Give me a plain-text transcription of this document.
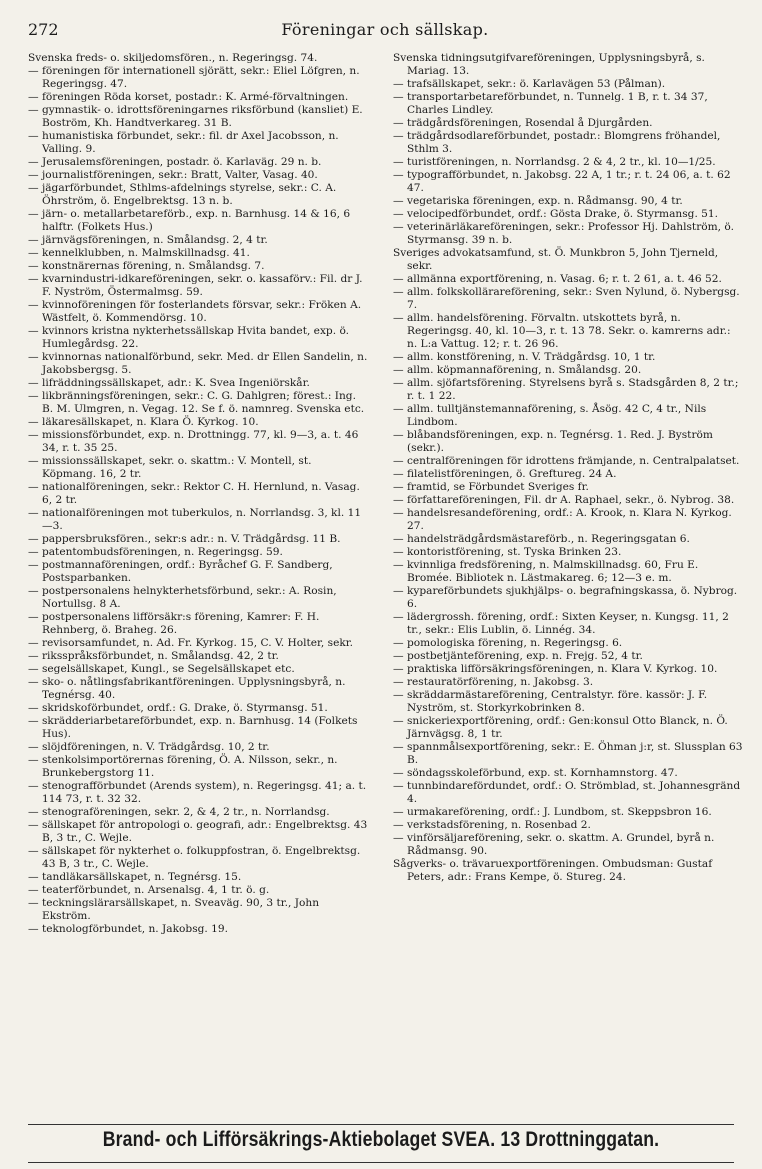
272	Föreningar och sällskap.

Svenska freds- o. skiljedomsfören., n. Regeringsg. 74.

— föreningen för internationell sjörätt, sekr.: Eliel Löfgren, n. Regeringsg. 47.

— föreningen Röda korset, postadr.: K. Armé-förvaltningen.

— gymnastik- o. idrottsföreningarnes riksförbund (kansliet) E. Boström, Kh. Handtverkareg. 31 B.

— humanistiska förbundet, sekr.: fil. dr Axel Jacobsson, n. Valling. 9.

— Jerusalemsföreningen, postadr. ö. Karlaväg. 29 n. b.

— journalistföreningen, sekr.: Bratt, Valter, Vasag. 40.

— jägarförbundet, Sthlms-afdelnings styrelse, sekr.: C. A. Öhrström, ö. Engelbrektsg. 13 n. b.

— järn- o. metallarbetareförb., exp. n. Barnhusg. 14 & 16, 6 halftr. (Folkets Hus.)

— järnvägsföreningen, n. Smålandsg. 2, 4 tr.

— kennelklubben, n. Malmskillnadsg. 41.

— konstnärernas förening, n. Smålandsg. 7.

— kvarnindustri-idkareföreningen, sekr. o. kassaförv.: Fil. dr J. F. Nyström, Östermalmsg. 59.

— kvinnoföreningen för fosterlandets försvar, sekr.: Fröken A. Wästfelt, ö. Kommendörsg. 10.

— kvinnors kristna nykterhetssällskap Hvita bandet, exp. ö. Humlegårdsg. 22.

— kvinnornas nationalförbund, sekr. Med. dr Ellen Sandelin, n. Jakobsbergsg. 5.

— lifräddningssällskapet, adr.: K. Svea Ingeniörskår.

— likbränningsföreningen, sekr.: C. G. Dahlgren; förest.: Ing. B. M. Ulmgren, n. Vegag. 12. Se f. ö. namnreg. Svenska etc.

— läkaresällskapet, n. Klara Ö. Kyrkog. 10.

— missionsförbundet, exp. n. Drottningg. 77, kl. 9—3, a. t. 46 34, r. t. 35 25.

— missionssällskapet, sekr. o. skattm.: V. Montell, st. Köpmang. 16, 2 tr.

— nationalföreningen, sekr.: Rektor C. H. Hernlund, n. Vasag. 6, 2 tr.

— nationalföreningen mot tuberkulos, n. Norrlandsg. 3, kl. 11—3.

— pappersbruksfören., sekr:s adr.: n. V. Trädgårdsg. 11 B.

— patentombudsföreningen, n. Regeringsg. 59.

— postmannaföreningen, ordf.: Byråchef G. F. Sandberg, Postsparbanken.

— postpersonalens helnykterhetsförbund, sekr.: A. Rosin, Nortullsg. 8 A.

— postpersonalens lifförsäkr:s förening, Kamrer: F. H. Rehnberg, ö. Braheg. 26.

— revisorsamfundet, n. Ad. Fr. Kyrkog. 15, C. V. Holter, sekr.

— riksspråksförbundet, n. Smålandsg. 42, 2 tr.

— segelsällskapet, Kungl., se Segelsällskapet etc.

— sko- o. nåtlingsfabrikantföreningen. Upplysningsbyrå, n. Tegnérsg. 40.

— skridskoförbundet, ordf.: G. Drake, ö. Styrmansg. 51.

— skrädderiarbetareförbundet, exp. n. Barnhusg. 14 (Folkets Hus).

— slöjdföreningen, n. V. Trädgårdsg. 10, 2 tr.

— stenkolsimportörernas förening, Ö. A. Nilsson, sekr., n. Brunkebergstorg 11.

— stenografförbundet (Arends system), n. Regeringsg. 41; a. t. 114 73, r. t. 32 32.

— stenograföreningen, sekr. 2, & 4, 2 tr., n. Norrlandsg.

— sällskapet för antropologi o. geografi, adr.: Engelbrektsg. 43 B, 3 tr., C. Wejle.

— sällskapet för nykterhet o. folkuppfostran, ö. Engelbrektsg. 43 B, 3 tr., C. Wejle.

— tandläkarsällskapet, n. Tegnérsg. 15.

— teaterförbundet, n. Arsenalsg. 4, 1 tr. ö. g.

— teckningslärarsällskapet, n. Sveaväg. 90, 3 tr., John Ekström.

— teknologförbundet, n. Jakobsg. 19.

Svenska tidningsutgifvareföreningen, Upplysningsbyrå, s. Mariag. 13.

— trafsällskapet, sekr.: ö. Karlavägen 53 (Pålman).

— transportarbetareförbundet, n. Tunnelg. 1 B, r. t. 34 37, Charles Lindley.

— trädgårdsföreningen, Rosendal å Djurgården.

— trädgårdsodlareförbundet, postadr.: Blomgrens fröhandel, Sthlm 3.

— turistföreningen, n. Norrlandsg. 2 & 4, 2 tr., kl. 10—1/25.

— typografförbundet, n. Jakobsg. 22 A, 1 tr.; r. t. 24 06, a. t. 62 47.

— vegetariska föreningen, exp. n. Rådmansg. 90, 4 tr.

— velocipedförbundet, ordf.: Gösta Drake, ö. Styrmansg. 51.

— veterinärläkareföreningen, sekr.: Professor Hj. Dahlström, ö. Styrmansg. 39 n. b.

Sveriges advokatsamfund, st. Ö. Munkbron 5, John Tjerneld, sekr.

— allmänna exportförening, n. Vasag. 6; r. t. 2 61, a. t. 46 52.

— allm. folkskollärareförening, sekr.: Sven Nylund, ö. Nybergsg. 7.

— allm. handelsförening. Förvaltn. utskottets byrå, n. Regeringsg. 40, kl. 10—3, r. t. 13 78. Sekr. o. kamrerns adr.: n. L:a Vattug. 12; r. t. 26 96.

— allm. konstförening, n. V. Trädgårdsg. 10, 1 tr.

— allm. köpmannaförening, n. Smålandsg. 20.

— allm. sjöfartsförening. Styrelsens byrå s. Stadsgården 8, 2 tr.; r. t. 1 22.

— allm. tulltjänstemannaförening, s. Åsög. 42 C, 4 tr., Nils Lindbom.

— blåbandsföreningen, exp. n. Tegnérsg. 1. Red. J. Byström (sekr.).

— centralföreningen för idrottens främjande, n. Centralpalatset.

— filatelistföreningen, ö. Greftureg. 24 A.

— framtid, se Förbundet Sveriges fr.

— författareföreningen, Fil. dr A. Raphael, sekr., ö. Nybrog. 38.

— handelsresandeförening, ordf.: A. Krook, n. Klara N. Kyrkog. 27.

— handelsträdgårdsmästareförb., n. Regeringsgatan 6.

— kontoristförening, st. Tyska Brinken 23.

— kvinnliga fredsförening, n. Malmskillnadsg. 60, Fru E. Bromée. Bibliotek n. Lästmakareg. 6; 12—3 e. m.

— kypareförbundets sjukhjälps- o. begrafningskassa, ö. Nybrog. 6.

— lädergrossh. förening, ordf.: Sixten Keyser, n. Kungsg. 11, 2 tr., sekr.: Elis Lublin, ö. Linnég. 34.

— pomologiska förening, n. Regeringsg. 6.

— postbetjänteförening, exp. n. Frejg. 52, 4 tr.

— praktiska lifförsäkringsföreningen, n. Klara V. Kyrkog. 10.

— restauratörförening, n. Jakobsg. 3.

— skräddarmästareförening, Centralstyr. före. kassör: J. F. Nyström, st. Storkyrkobrinken 8.

— snickeriexportförening, ordf.: Gen:konsul Otto Blanck, n. Ö. Järnvägsg. 8, 1 tr.

— spannmålsexportförening, sekr.: E. Öhman j:r, st. Slussplan 63 B.

— söndagsskoleförbund, exp. st. Kornhamnstorg. 47.

— tunnbindarefördundet, ordf.: O. Strömblad, st. Johannesgränd 4.

— urmakareförening, ordf.: J. Lundbom, st. Skeppsbron 16.

— verkstadsförening, n. Rosenbad 2.

— vinförsäljareförening, sekr. o. skattm. A. Grundel, byrå n. Rådmansg. 90.

Sågverks- o. trävaruexportföreningen. Ombudsman: Gustaf Peters, adr.: Frans Kempe, ö. Stureg. 24.

Brand- och Lifförsäkrings-Aktiebolaget SVEA. 13 Drottninggatan.
